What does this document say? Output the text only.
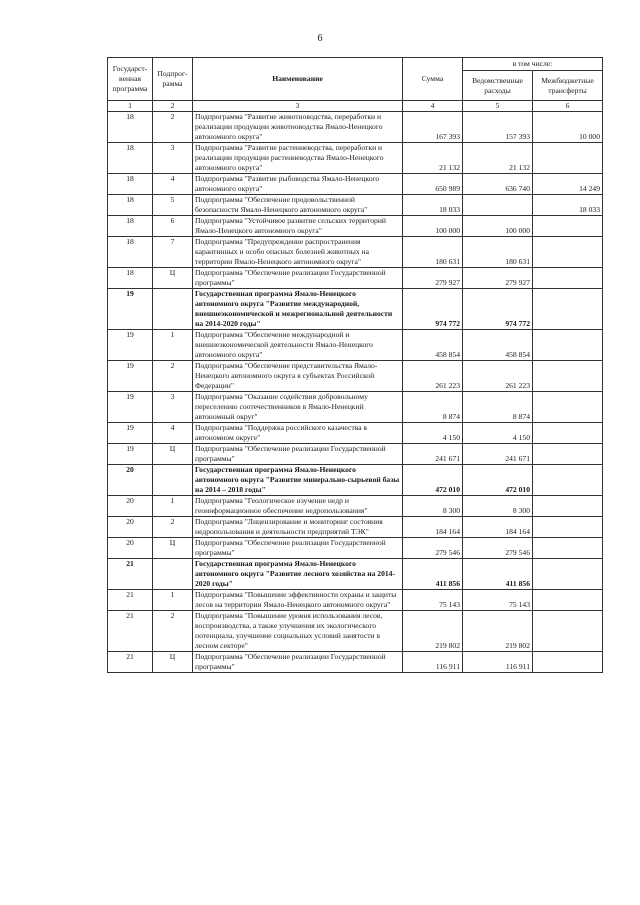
6
Государст-венная программа	Подпрог-рамма	Наименование	Сумма	в том числе:	
				Ведомственные расходы	Межбюджетные трансферты
1	2	3	4	5	6
18	2	Подпрограмма "Развитие животноводства, переработки и реализации продукции животноводства Ямало-Ненецкого автономного округа"	167 393	157 393	10 000
18	3	Подпрограмма "Развитие растениеводства, переработки и реализации продукции растениеводства Ямало-Ненецкого автономного округа"	21 132	21 132	
18	4	Подпрограмма "Развитие рыбоводства Ямало-Ненецкого автономного округа"	650 989	636 740	14 249
18	5	Подпрограмма "Обеспечение продовольственной безопасности Ямало-Ненецкого автономного округа"	18 033		18 033
18	6	Подпрограмма "Устойчивое развитие сельских территорий Ямало-Ненецкого автономного округа"	100 000	100 000	
18	7	Подпрограмма "Предупреждение распространения карантинных и особо опасных болезней животных на территории Ямало-Ненецкого автономного округа"	180 631	180 631	
18	Ц	Подпрограмма "Обеспечение реализации Государственной программы"	279 927	279 927	
19		Государственная программа Ямало-Ненецкого автономного округа "Развитие международной, внешнеэкономической и межрегиональной деятельности на 2014-2020 годы"	974 772	974 772	
19	1	Подпрограмма "Обеспечение международной и внешнеэкономической деятельности Ямало-Ненецкого автономного округа"	458 854	458 854	
19	2	Подпрограмма "Обеспечение представительства Ямало-Ненецкого автономного округа в субъектах Российской Федерации"	261 223	261 223	
19	3	Подпрограмма "Оказание содействия добровольному переселению соотечественников в Ямало-Ненецкий автономный округ"	8 874	8 874	
19	4	Подпрограмма "Поддержка российского казачества в автономном округе"	4 150	4 150	
19	Ц	Подпрограмма "Обеспечение реализации Государственной программы"	241 671	241 671	
20		Государственная программа Ямало-Ненецкого автономного округа "Развитие минерально-сырьевой базы на 2014 – 2018 годы"	472 010	472 010	
20	1	Подпрограмма "Геологическое изучение недр и геоинформационное обеспечение недропользования"	8 300	8 300	
20	2	Подпрограмма "Лицензирование и мониторинг состояния недропользования и деятельности предприятий ТЭК"	184 164	184 164	
20	Ц	Подпрограмма "Обеспечение реализации Государственной программы"	279 546	279 546	
21		Государственная программа Ямало-Ненецкого автономного округа "Развитие лесного хозяйства на 2014-2020 годы"	411 856	411 856	
21	1	Подпрограмма "Повышение эффективности охраны и защиты лесов на территории Ямало-Ненецкого автономного округа"	75 143	75 143	
21	2	Подпрограмма "Повышение уровня использования лесов, воспроизводства, а также улучшения их экологического потенциала, улучшение социальных условий занятости в лесном секторе"	219 802	219 802	
21	Ц	Подпрограмма "Обеспечение реализации Государственной программы"	116 911	116 911	
